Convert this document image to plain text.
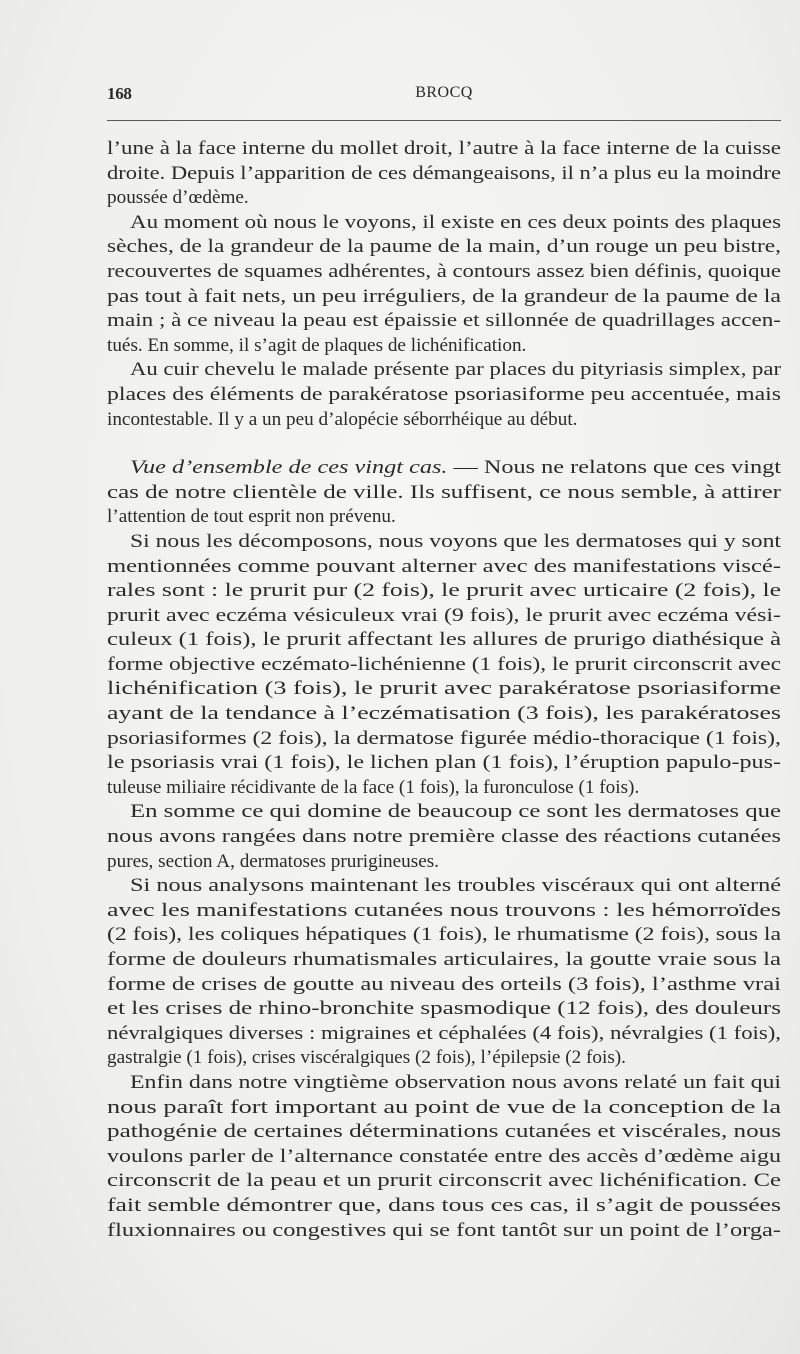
168	BROCQ
l’une à la face interne du mollet droit, l’autre à la face interne de la cuisse
droite. Depuis l’apparition de ces démangeaisons, il n’a plus eu la moindre
poussée d’œdème.
Au moment où nous le voyons, il existe en ces deux points des plaques
sèches, de la grandeur de la paume de la main, d’un rouge un peu bistre,
recouvertes de squames adhérentes, à contours assez bien définis, quoique
pas tout à fait nets, un peu irréguliers, de la grandeur de la paume de la
main ; à ce niveau la peau est épaissie et sillonnée de quadrillages accen-
tués. En somme, il s’agit de plaques de lichénification.
Au cuir chevelu le malade présente par places du pityriasis simplex, par
places des éléments de parakératose psoriasiforme peu accentuée, mais
incontestable. Il y a un peu d’alopécie séborrhéique au début.
Vue d’ensemble de ces vingt cas. — Nous ne relatons que ces vingt
cas de notre clientèle de ville. Ils suffisent, ce nous semble, à attirer
l’attention de tout esprit non prévenu.
Si nous les décomposons, nous voyons que les dermatoses qui y sont
mentionnées comme pouvant alterner avec des manifestations viscé-
rales sont : le prurit pur (2 fois), le prurit avec urticaire (2 fois), le
prurit avec eczéma vésiculeux vrai (9 fois), le prurit avec eczéma vési-
culeux (1 fois), le prurit affectant les allures de prurigo diathésique à
forme objective eczémato-lichénienne (1 fois), le prurit circonscrit avec
lichénification (3 fois), le prurit avec parakératose psoriasiforme
ayant de la tendance à l’eczématisation (3 fois), les parakératoses
psoriasiformes (2 fois), la dermatose figurée médio-thoracique (1 fois),
le psoriasis vrai (1 fois), le lichen plan (1 fois), l’éruption papulo-pus-
tuleuse miliaire récidivante de la face (1 fois), la furonculose (1 fois).
En somme ce qui domine de beaucoup ce sont les dermatoses que
nous avons rangées dans notre première classe des réactions cutanées
pures, section A, dermatoses prurigineuses.
Si nous analysons maintenant les troubles viscéraux qui ont alterné
avec les manifestations cutanées nous trouvons : les hémorroïdes
(2 fois), les coliques hépatiques (1 fois), le rhumatisme (2 fois), sous la
forme de douleurs rhumatismales articulaires, la goutte vraie sous la
forme de crises de goutte au niveau des orteils (3 fois), l’asthme vrai
et les crises de rhino-bronchite spasmodique (12 fois), des douleurs
névralgiques diverses : migraines et céphalées (4 fois), névralgies (1 fois),
gastralgie (1 fois), crises viscéralgiques (2 fois), l’épilepsie (2 fois).
Enfin dans notre vingtième observation nous avons relaté un fait qui
nous paraît fort important au point de vue de la conception de la
pathogénie de certaines déterminations cutanées et viscérales, nous
voulons parler de l’alternance constatée entre des accès d’œdème aigu
circonscrit de la peau et un prurit circonscrit avec lichénification. Ce
fait semble démontrer que, dans tous ces cas, il s’agit de poussées
fluxionnaires ou congestives qui se font tantôt sur un point de l’orga-
